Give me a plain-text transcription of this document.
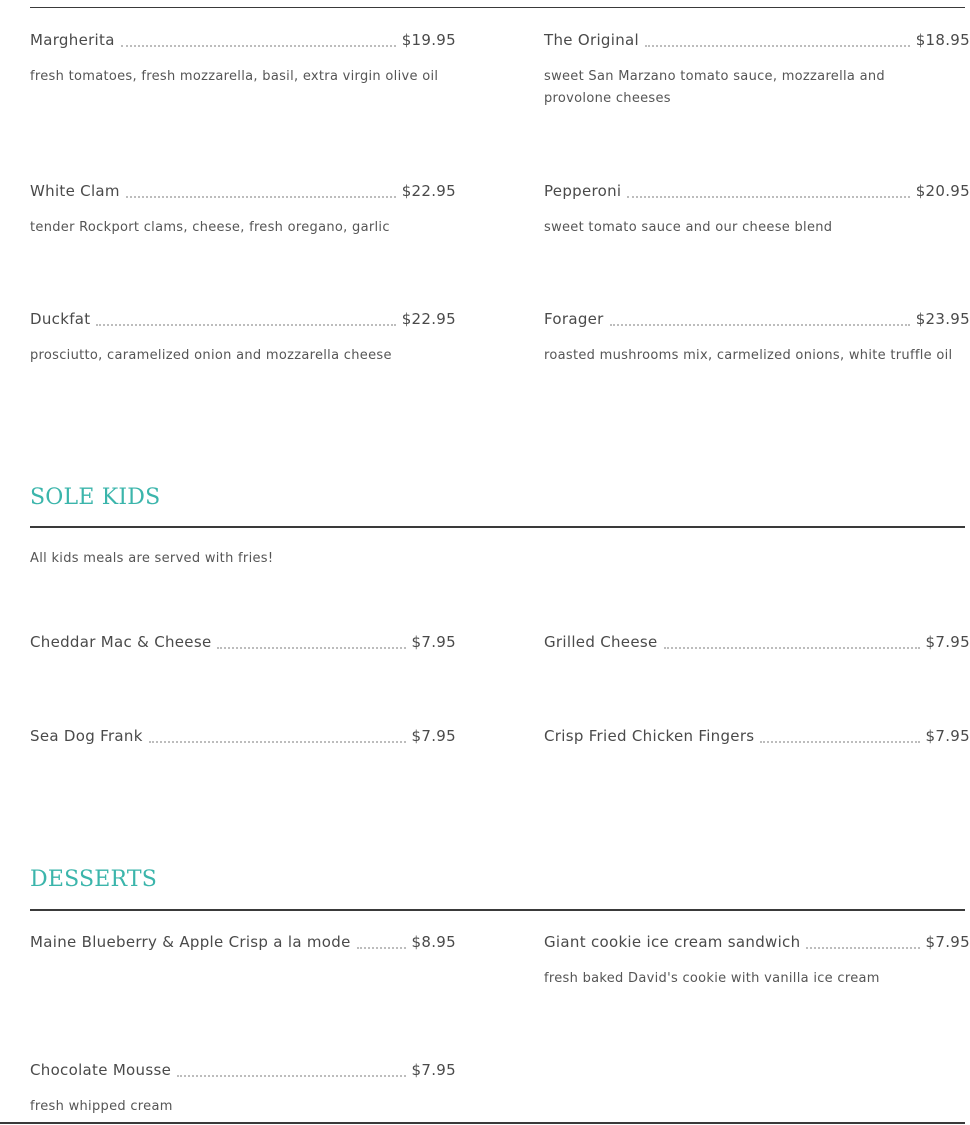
Margherita	$19.95
fresh tomatoes, fresh mozzarella, basil, extra virgin olive oil
The Original	$18.95
sweet San Marzano tomato sauce, mozzarella and provolone cheeses
White Clam	$22.95
tender Rockport clams, cheese, fresh oregano, garlic
Pepperoni	$20.95
sweet tomato sauce and our cheese blend
Duckfat	$22.95
prosciutto, caramelized onion and mozzarella cheese
Forager	$23.95
roasted mushrooms mix, carmelized onions, white truffle oil
SOLE KIDS
All kids meals are served with fries!
Cheddar Mac & Cheese	$7.95	Grilled Cheese	$7.95
Sea Dog Frank	$7.95	Crisp Fried Chicken Fingers	$7.95
DESSERTS
Maine Blueberry & Apple Crisp a la mode	$8.95	Giant cookie ice cream sandwich	$7.95
fresh baked David's cookie with vanilla ice cream
Chocolate Mousse	$7.95
fresh whipped cream
